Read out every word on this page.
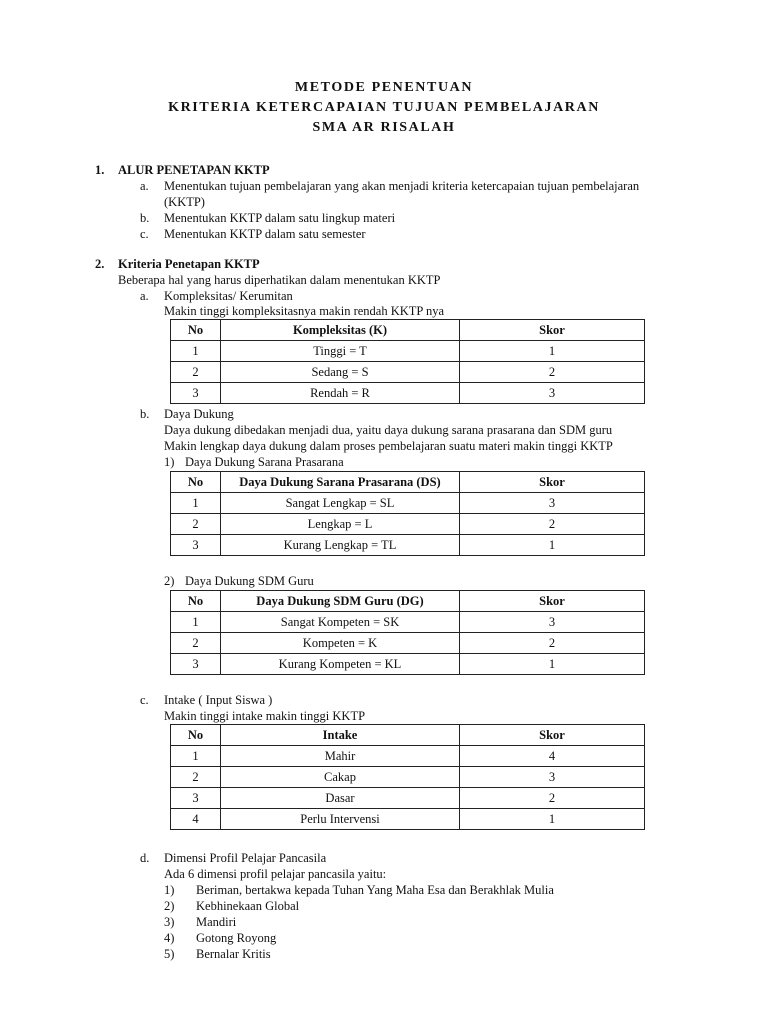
METODE PENENTUAN
KRITERIA KETERCAPAIAN TUJUAN PEMBELAJARAN
SMA AR RISALAH
1. ALUR PENETAPAN KKTP
a. Menentukan tujuan pembelajaran yang akan menjadi kriteria ketercapaian tujuan pembelajaran
(KKTP)
b. Menentukan KKTP dalam satu lingkup materi
c. Menentukan KKTP dalam satu semester
2. Kriteria Penetapan KKTP
Beberapa hal yang harus diperhatikan dalam menentukan KKTP
a. Kompleksitas/ Kerumitan
Makin tinggi kompleksitasnya makin rendah KKTP nya
No	Kompleksitas (K)	Skor
1	Tinggi = T	1
2	Sedang = S	2
3	Rendah = R	3
b. Daya Dukung
Daya dukung dibedakan menjadi dua, yaitu daya dukung sarana prasarana dan SDM guru
Makin lengkap daya dukung dalam proses pembelajaran suatu materi makin tinggi KKTP
1) Daya Dukung Sarana Prasarana
No	Daya Dukung Sarana Prasarana (DS)	Skor
1	Sangat Lengkap = SL	3
2	Lengkap = L	2
3	Kurang Lengkap = TL	1
2) Daya Dukung SDM Guru
No	Daya Dukung SDM Guru (DG)	Skor
1	Sangat Kompeten = SK	3
2	Kompeten = K	2
3	Kurang Kompeten = KL	1
c. Intake ( Input Siswa )
Makin tinggi intake makin tinggi KKTP
No	Intake	Skor
1	Mahir	4
2	Cakap	3
3	Dasar	2
4	Perlu Intervensi	1
d. Dimensi Profil Pelajar Pancasila
Ada 6 dimensi profil pelajar pancasila yaitu:
1) Beriman, bertakwa kepada Tuhan Yang Maha Esa dan Berakhlak Mulia
2) Kebhinekaan Global
3) Mandiri
4) Gotong Royong
5) Bernalar Kritis
